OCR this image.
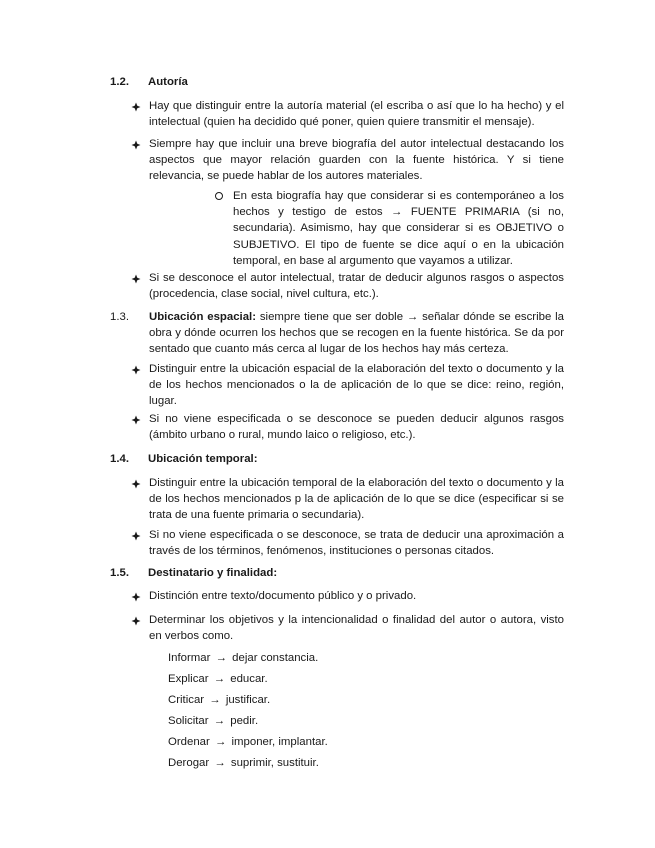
1.2. Autoría
Hay que distinguir entre la autoría material (el escriba o así que lo ha hecho) y el intelectual (quien ha decidido qué poner, quien quiere transmitir el mensaje).
Siempre hay que incluir una breve biografía del autor intelectual destacando los aspectos que mayor relación guarden con la fuente histórica. Y si tiene relevancia, se puede hablar de los autores materiales.
En esta biografía hay que considerar si es contemporáneo a los hechos y testigo de estos → FUENTE PRIMARIA (si no, secundaria). Asimismo, hay que considerar si es OBJETIVO o SUBJETIVO. El tipo de fuente se dice aquí o en la ubicación temporal, en base al argumento que vayamos a utilizar.
Si se desconoce el autor intelectual, tratar de deducir algunos rasgos o aspectos (procedencia, clase social, nivel cultura, etc.).
1.3. Ubicación espacial: siempre tiene que ser doble → señalar dónde se escribe la obra y dónde ocurren los hechos que se recogen en la fuente histórica. Se da por sentado que cuanto más cerca al lugar de los hechos hay más certeza.
Distinguir entre la ubicación espacial de la elaboración del texto o documento y la de los hechos mencionados o la de aplicación de lo que se dice: reino, región, lugar.
Si no viene especificada o se desconoce se pueden deducir algunos rasgos (ámbito urbano o rural, mundo laico o religioso, etc.).
1.4. Ubicación temporal:
Distinguir entre la ubicación temporal de la elaboración del texto o documento y la de los hechos mencionados p la de aplicación de lo que se dice (especificar si se trata de una fuente primaria o secundaria).
Si no viene especificada o se desconoce, se trata de deducir una aproximación a través de los términos, fenómenos, instituciones o personas citados.
1.5. Destinatario y finalidad:
Distinción entre texto/documento público y o privado.
Determinar los objetivos y la intencionalidad o finalidad del autor o autora, visto en verbos como.
Informar → dejar constancia.
Explicar → educar.
Criticar → justificar.
Solicitar → pedir.
Ordenar → imponer, implantar.
Derogar → suprimir, sustituir.
